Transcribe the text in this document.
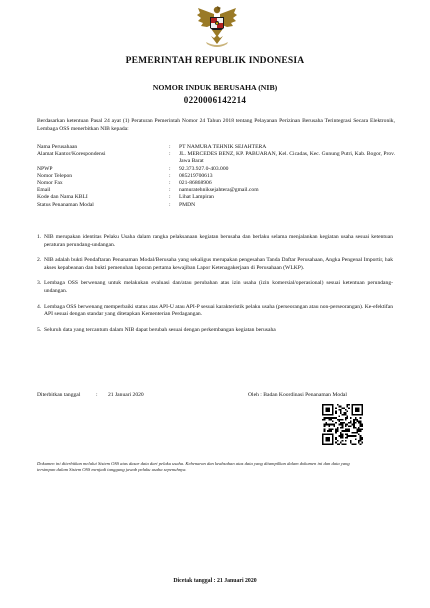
PEMERINTAH REPUBLIK INDONESIA
NOMOR INDUK BERUSAHA (NIB)
0220006142214
Berdasarkan ketentuan Pasal 24 ayat (1) Peraturan Pemerintah Nomor 24 Tahun 2018 tentang Pelayanan Perizinan Berusaha Terintegrasi Secara Elektronik, Lembaga OSS menerbitkan NIB kepada:
Nama Perusahaan	:	PT NAMURA TEHNIK SEJAHTERA
Alamat Kantor/Korespondensi	:	JL. MERCEDES BENZ, KP. PABUARAN, Kel. Cicadas, Kec. Gunung Putri, Kab. Bogor, Prov. Jawa Barat
NPWP	:	92.373.927.0-403.000
Nomor Telepon	:	085219700613
Nomor Fax	:	021-86868906
Email	:	namuratehniksejahtera@gmail.com
Kode dan Nama KBLI	:	Lihat Lampiran
Status Penanaman Modal	:	PMDN
1. NIB merupakan identitas Pelaku Usaha dalam rangka pelaksanaan kegiatan berusaha dan berlaku selama menjalankan kegiatan usaha sesuai ketentuan peraturan perundang-undangan.
2. NIB adalah bukti Pendaftaran Penanaman Modal/Berusaha yang sekaligus merupakan pengesahan Tanda Daftar Perusahaan, Angka Pengenal Importir, hak akses kepabeanan dan bukti pemenuhan laporan pertama kewajiban Lapor Ketenagakerjaan di Perusahaan (WLKP).
3. Lembaga OSS berwenang untuk melakukan evaluasi dan/atau perubahan atas izin usaha (izin komersial/operasional) sesuai ketentuan perundang-undangan.
4. Lembaga OSS berwenang memperbaiki status atas API-U atau API-P sesuai karakteristik pelaku usaha (perseorangan atau non-perseorangan). Ke-efektifan API sesuai dengan standar yang ditetapkan Kementerian Perdagangan.
5. Seluruh data yang tercantum dalam NIB dapat berubah sesuai dengan perkembangan kegiatan berusaha
Diterbitkan tanggal	:	21 Januari 2020	Oleh : Badan Koordinasi Penanaman Modal
Dokumen ini diterbitkan melalui Sistem OSS atas dasar data dari pelaku usaha. Kebenaran dan keabsahan atas data yang ditampilkan dalam dokumen ini dan data yang tersimpan dalam Sistem OSS menjadi tanggung jawab pelaku usaha sepenuhnya.
Dicetak tanggal : 21 Januari 2020
